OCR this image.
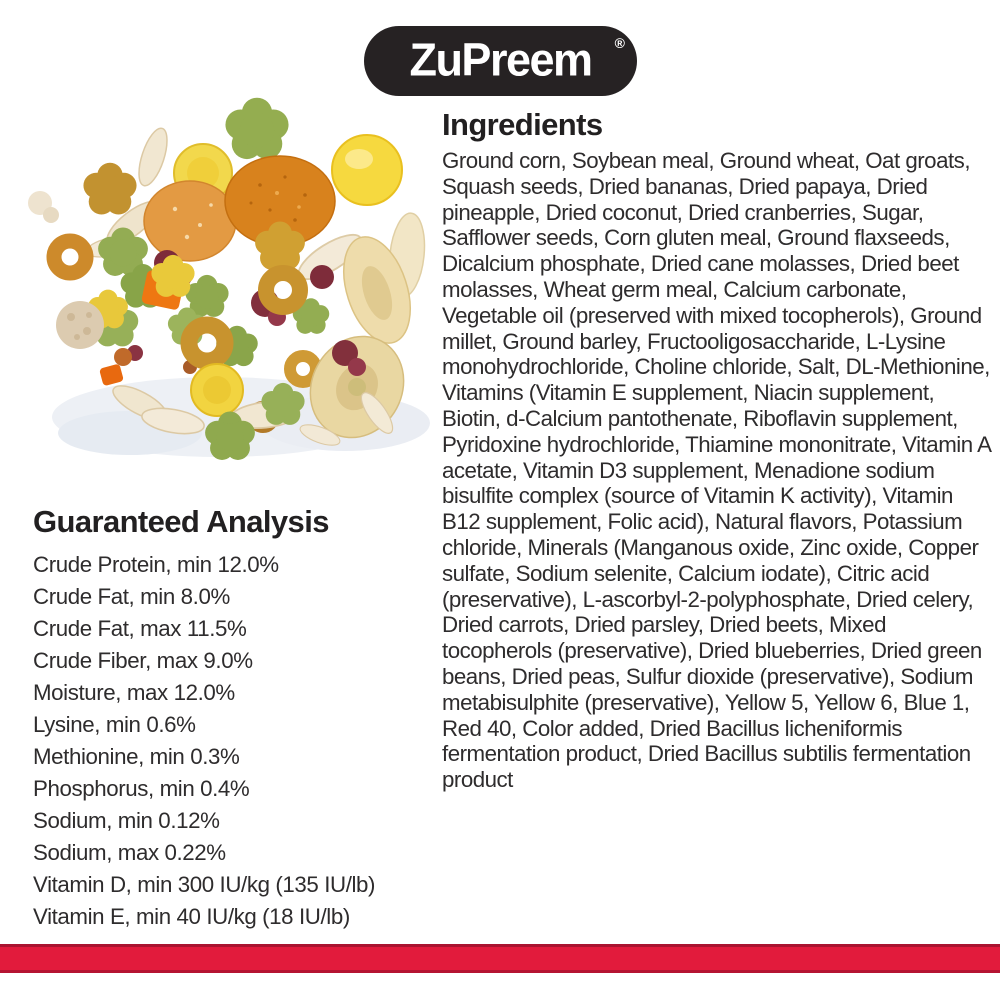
ZuPreem ®
Ingredients

Ground corn, Soybean meal, Ground wheat, Oat groats, Squash seeds, Dried bananas, Dried papaya, Dried pineapple, Dried coconut, Dried cranberries, Sugar, Safflower seeds, Corn gluten meal, Ground flaxseeds, Dicalcium phosphate, Dried cane molasses, Dried beet molasses, Wheat germ meal, Calcium carbonate, Vegetable oil (preserved with mixed tocopherols), Ground millet, Ground barley, Fructooligosaccharide, L-Lysine monohydrochloride, Choline chloride, Salt, DL-Methionine, Vitamins (Vitamin E supplement, Niacin supplement, Biotin, d-Calcium pantothenate, Riboflavin supplement, Pyridoxine hydrochloride, Thiamine mononitrate, Vitamin A acetate, Vitamin D3 supplement, Menadione sodium bisulfite complex (source of Vitamin K activity), Vitamin B12 supplement, Folic acid), Natural flavors, Potassium chloride, Minerals (Manganous oxide, Zinc oxide, Copper sulfate, Sodium selenite, Calcium iodate), Citric acid (preservative), L-ascorbyl-2-polyphosphate, Dried celery, Dried carrots, Dried parsley, Dried beets, Mixed tocopherols (preservative), Dried blueberries, Dried green beans, Dried peas, Sulfur dioxide (preservative), Sodium metabisulphite (preservative), Yellow 5, Yellow 6, Blue 1, Red 40, Color added, Dried Bacillus licheniformis fermentation product, Dried Bacillus subtilis fermentation product

Guaranteed Analysis
Crude Protein, min 12.0%
Crude Fat, min 8.0%
Crude Fat, max 11.5%
Crude Fiber, max 9.0%
Moisture, max 12.0%
Lysine, min 0.6%
Methionine, min 0.3%
Phosphorus, min 0.4%
Sodium, min 0.12%
Sodium, max 0.22%
Vitamin D, min 300 IU/kg (135 IU/lb)
Vitamin E, min 40 IU/kg (18 IU/lb)
